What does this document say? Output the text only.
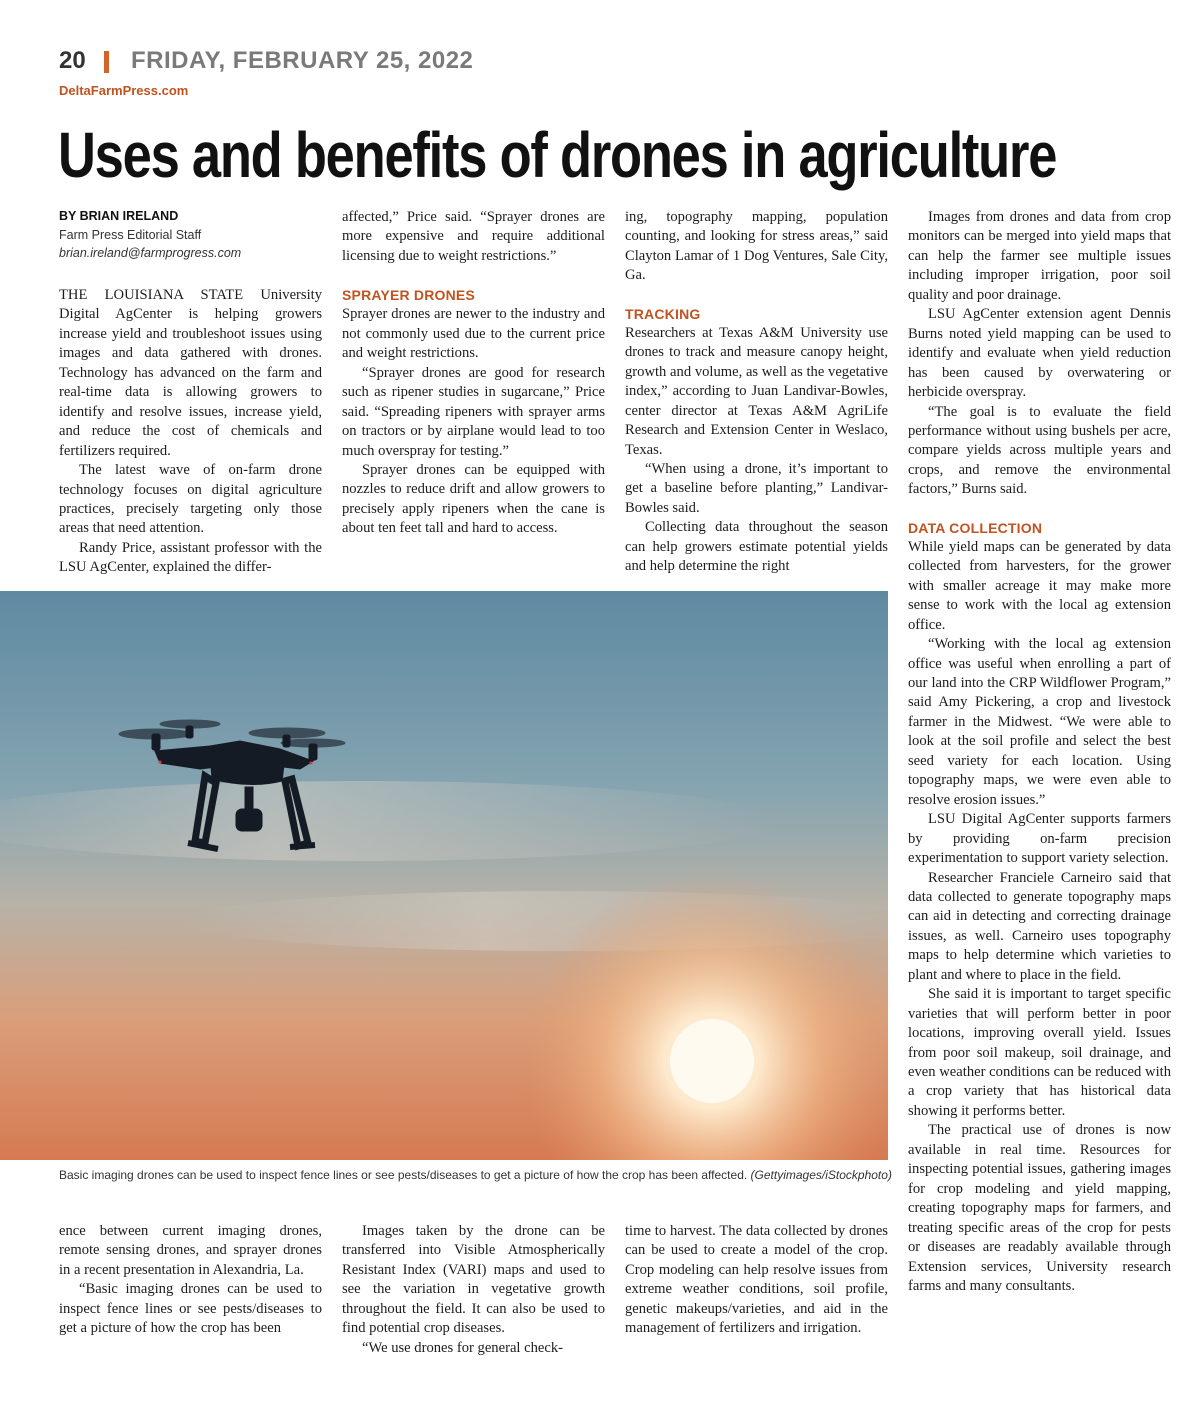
20 FRIDAY, FEBRUARY 25, 2022
DeltaFarmPress.com
Uses and benefits of drones in agriculture
BY BRIAN IRELAND
Farm Press Editorial Staff
brian.ireland@farmprogress.com

THE LOUISIANA STATE University Digital AgCenter is helping growers increase yield and troubleshoot issues using images and data gathered with drones. Technology has advanced on the farm and real-time data is allowing growers to identify and resolve issues, increase yield, and reduce the cost of chemicals and fertilizers required.

The latest wave of on-farm drone technology focuses on digital agriculture practices, precisely targeting only those areas that need attention.

Randy Price, assistant professor with the LSU AgCenter, explained the differ-

affected,” Price said. “Sprayer drones are more expensive and require additional licensing due to weight restrictions.”

SPRAYER DRONES

Sprayer drones are newer to the industry and not commonly used due to the current price and weight restrictions.

“Sprayer drones are good for research such as ripener studies in sugarcane,” Price said. “Spreading ripeners with sprayer arms on tractors or by airplane would lead to too much overspray for testing.”

Sprayer drones can be equipped with nozzles to reduce drift and allow growers to precisely apply ripeners when the cane is about ten feet tall and hard to access.

ing, topography mapping, population counting, and looking for stress areas,” said Clayton Lamar of 1 Dog Ventures, Sale City, Ga.

TRACKING

Researchers at Texas A&M University use drones to track and measure canopy height, growth and volume, as well as the vegetative index,” according to Juan Landivar-Bowles, center director at Texas A&M AgriLife Research and Extension Center in Weslaco, Texas.

“When using a drone, it’s important to get a baseline before planting,” Landivar-Bowles said.

Collecting data throughout the season can help growers estimate potential yields and help determine the right

Images from drones and data from crop monitors can be merged into yield maps that can help the farmer see multiple issues including improper irrigation, poor soil quality and poor drainage.

LSU AgCenter extension agent Dennis Burns noted yield mapping can be used to identify and evaluate when yield reduction has been caused by overwatering or herbicide overspray.

“The goal is to evaluate the field performance without using bushels per acre, compare yields across multiple years and crops, and remove the environmental factors,” Burns said.

DATA COLLECTION

While yield maps can be generated by data collected from harvesters, for the grower with smaller acreage it may make more sense to work with the local ag extension office.

“Working with the local ag extension office was useful when enrolling a part of our land into the CRP Wildflower Program,” said Amy Pickering, a crop and livestock farmer in the Midwest. “We were able to look at the soil profile and select the best seed variety for each location. Using topography maps, we were even able to resolve erosion issues.”

LSU Digital AgCenter supports farmers by providing on-farm precision experimentation to support variety selection.

Researcher Franciele Carneiro said that data collected to generate topography maps can aid in detecting and correcting drainage issues, as well. Carneiro uses topography maps to help determine which varieties to plant and where to place in the field.

She said it is important to target specific varieties that will perform better in poor locations, improving overall yield. Issues from poor soil makeup, soil drainage, and even weather conditions can be reduced with a crop variety that has historical data showing it performs better.

The practical use of drones is now available in real time. Resources for inspecting potential issues, gathering images for crop modeling and yield mapping, creating topography maps for farmers, and treating specific areas of the crop for pests or diseases are readably available through Extension services, University research farms and many consultants.

Basic imaging drones can be used to inspect fence lines or see pests/diseases to get a picture of how the crop has been affected. (Gettyimages/iStockphoto)

ence between current imaging drones, remote sensing drones, and sprayer drones in a recent presentation in Alexandria, La.

“Basic imaging drones can be used to inspect fence lines or see pests/diseases to get a picture of how the crop has been

Images taken by the drone can be transferred into Visible Atmospherically Resistant Index (VARI) maps and used to see the variation in vegetative growth throughout the field. It can also be used to find potential crop diseases.

“We use drones for general check-

time to harvest. The data collected by drones can be used to create a model of the crop. Crop modeling can help resolve issues from extreme weather conditions, soil profile, genetic makeups/varieties, and aid in the management of fertilizers and irrigation.
